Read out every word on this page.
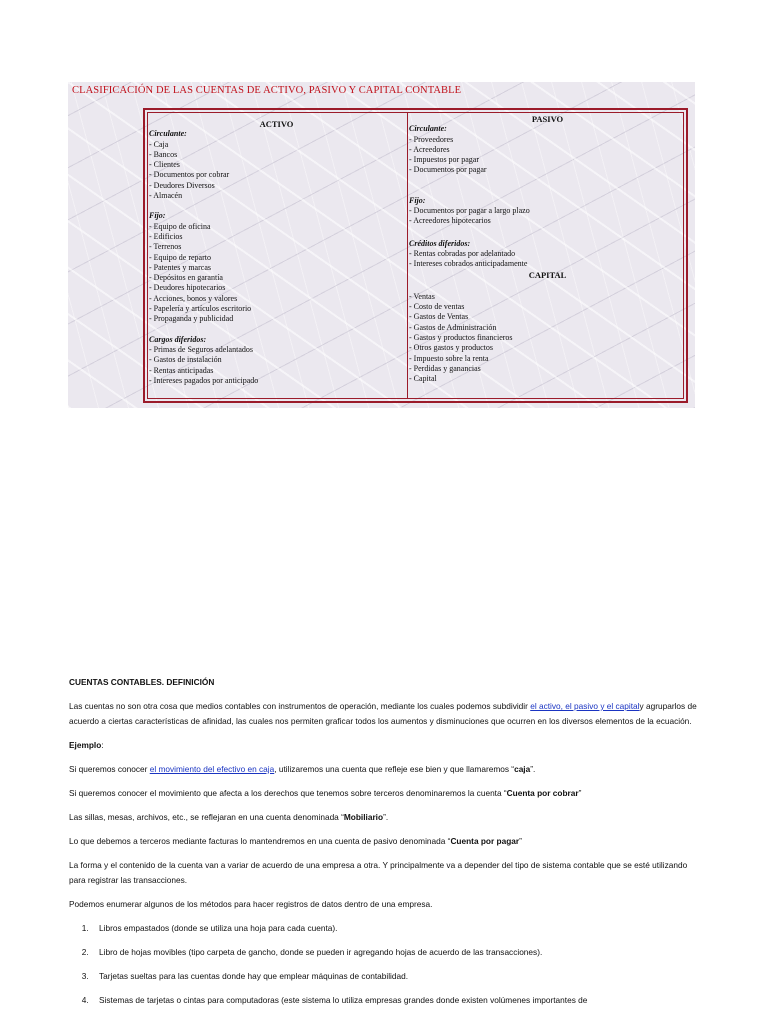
CLASIFICACIÓN DE LAS CUENTAS DE ACTIVO, PASIVO Y CAPITAL CONTABLE
ACTIVO
Circulante:
- Caja
- Bancos
- Clientes
- Documentos por cobrar
- Deudores Diversos
- Almacén
Fijo:
- Equipo de oficina
- Edificios
- Terrenos
- Equipo de reparto
- Patentes y marcas
- Depósitos en garantía
- Deudores hipotecarios
- Acciones, bonos y valores
- Papelería y artículos escritorio
- Propaganda y publicidad
Cargos diferidos:
- Primas de Seguros adelantados
- Gastos de instalación
- Rentas anticipadas
- Intereses pagados por anticipado
PASIVO
Circulante:
- Proveedores
- Acreedores
- Impuestos por pagar
- Documentos por pagar
Fijo:
- Documentos por pagar a largo plazo
- Acreedores hipotecarios
Créditos diferidos:
- Rentas cobradas por adelantado
- Intereses cobrados anticipadamente
CAPITAL
- Ventas
- Costo de ventas
- Gastos de Ventas
- Gastos de Administración
- Gastos y productos financieros
- Otros gastos y productos
- Impuesto sobre la renta
- Perdidas y ganancias
- Capital
CUENTAS CONTABLES. DEFINICIÓN

Las cuentas no son otra cosa que medios contables con instrumentos de operación, mediante los cuales podemos subdividir el activo, el pasivo y el capitaly agruparlos de acuerdo a ciertas características de afinidad, las cuales nos permiten graficar todos los aumentos y disminuciones que ocurren en los diversos elementos de la ecuación.

Ejemplo:

Si queremos conocer el movimiento del efectivo en caja, utilizaremos una cuenta que refleje ese bien y que llamaremos “caja”.

Si queremos conocer el movimiento que afecta a los derechos que tenemos sobre terceros denominaremos la cuenta “Cuenta por cobrar”

Las sillas, mesas, archivos, etc., se reflejaran en una cuenta denominada “Mobiliario”.

Lo que debemos a terceros mediante facturas lo mantendremos en una cuenta de pasivo denominada “Cuenta por pagar”

La forma y el contenido de la cuenta van a variar de acuerdo de una empresa a otra. Y principalmente va a depender del tipo de sistema contable que se esté utilizando para registrar las transacciones.

Podemos enumerar algunos de los métodos para hacer registros de datos dentro de una empresa.

1. Libros empastados (donde se utiliza una hoja para cada cuenta).
2. Libro de hojas movibles (tipo carpeta de gancho, donde se pueden ir agregando hojas de acuerdo de las transacciones).
3. Tarjetas sueltas para las cuentas donde hay que emplear máquinas de contabilidad.
4. Sistemas de tarjetas o cintas para computadoras (este sistema lo utiliza empresas grandes donde existen volúmenes importantes de
